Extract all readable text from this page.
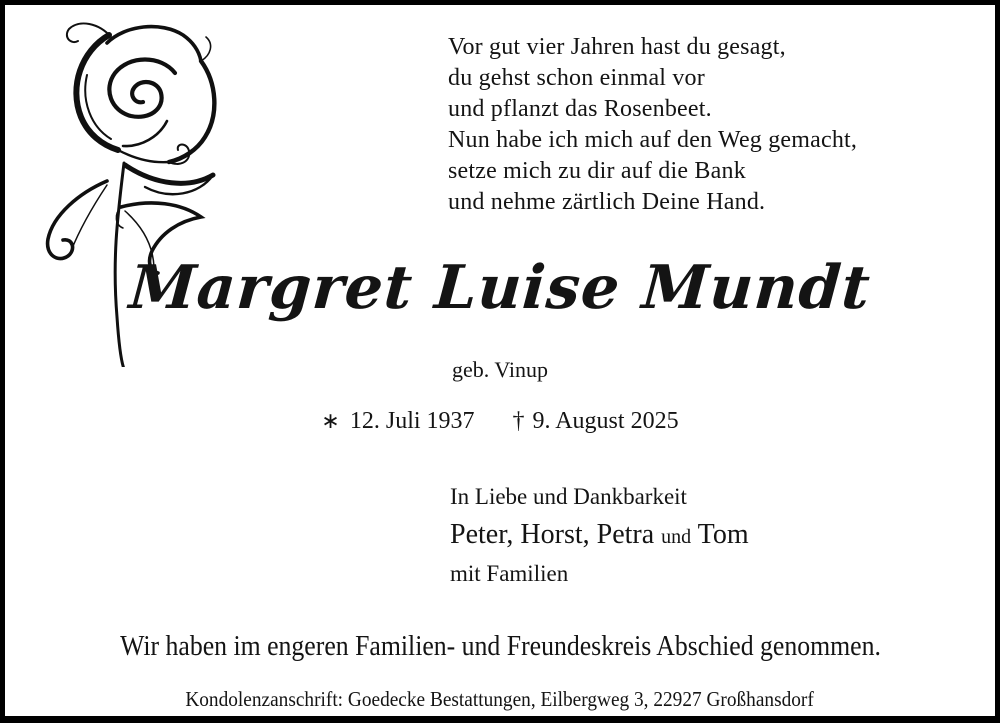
Vor gut vier Jahren hast du gesagt,
du gehst schon einmal vor
und pflanzt das Rosenbeet.
Nun habe ich mich auf den Weg gemacht,
setze mich zu dir auf die Bank
und nehme zärtlich Deine Hand.
Margret Luise Mundt
geb. Vinup
∗ 12. Juli 1937 † 9. August 2025
In Liebe und Dankbarkeit
Peter, Horst, Petra und Tom
mit Familien
Wir haben im engeren Familien- und Freundeskreis Abschied genommen.
Kondolenzanschrift: Goedecke Bestattungen, Eilbergweg 3, 22927 Großhansdorf
